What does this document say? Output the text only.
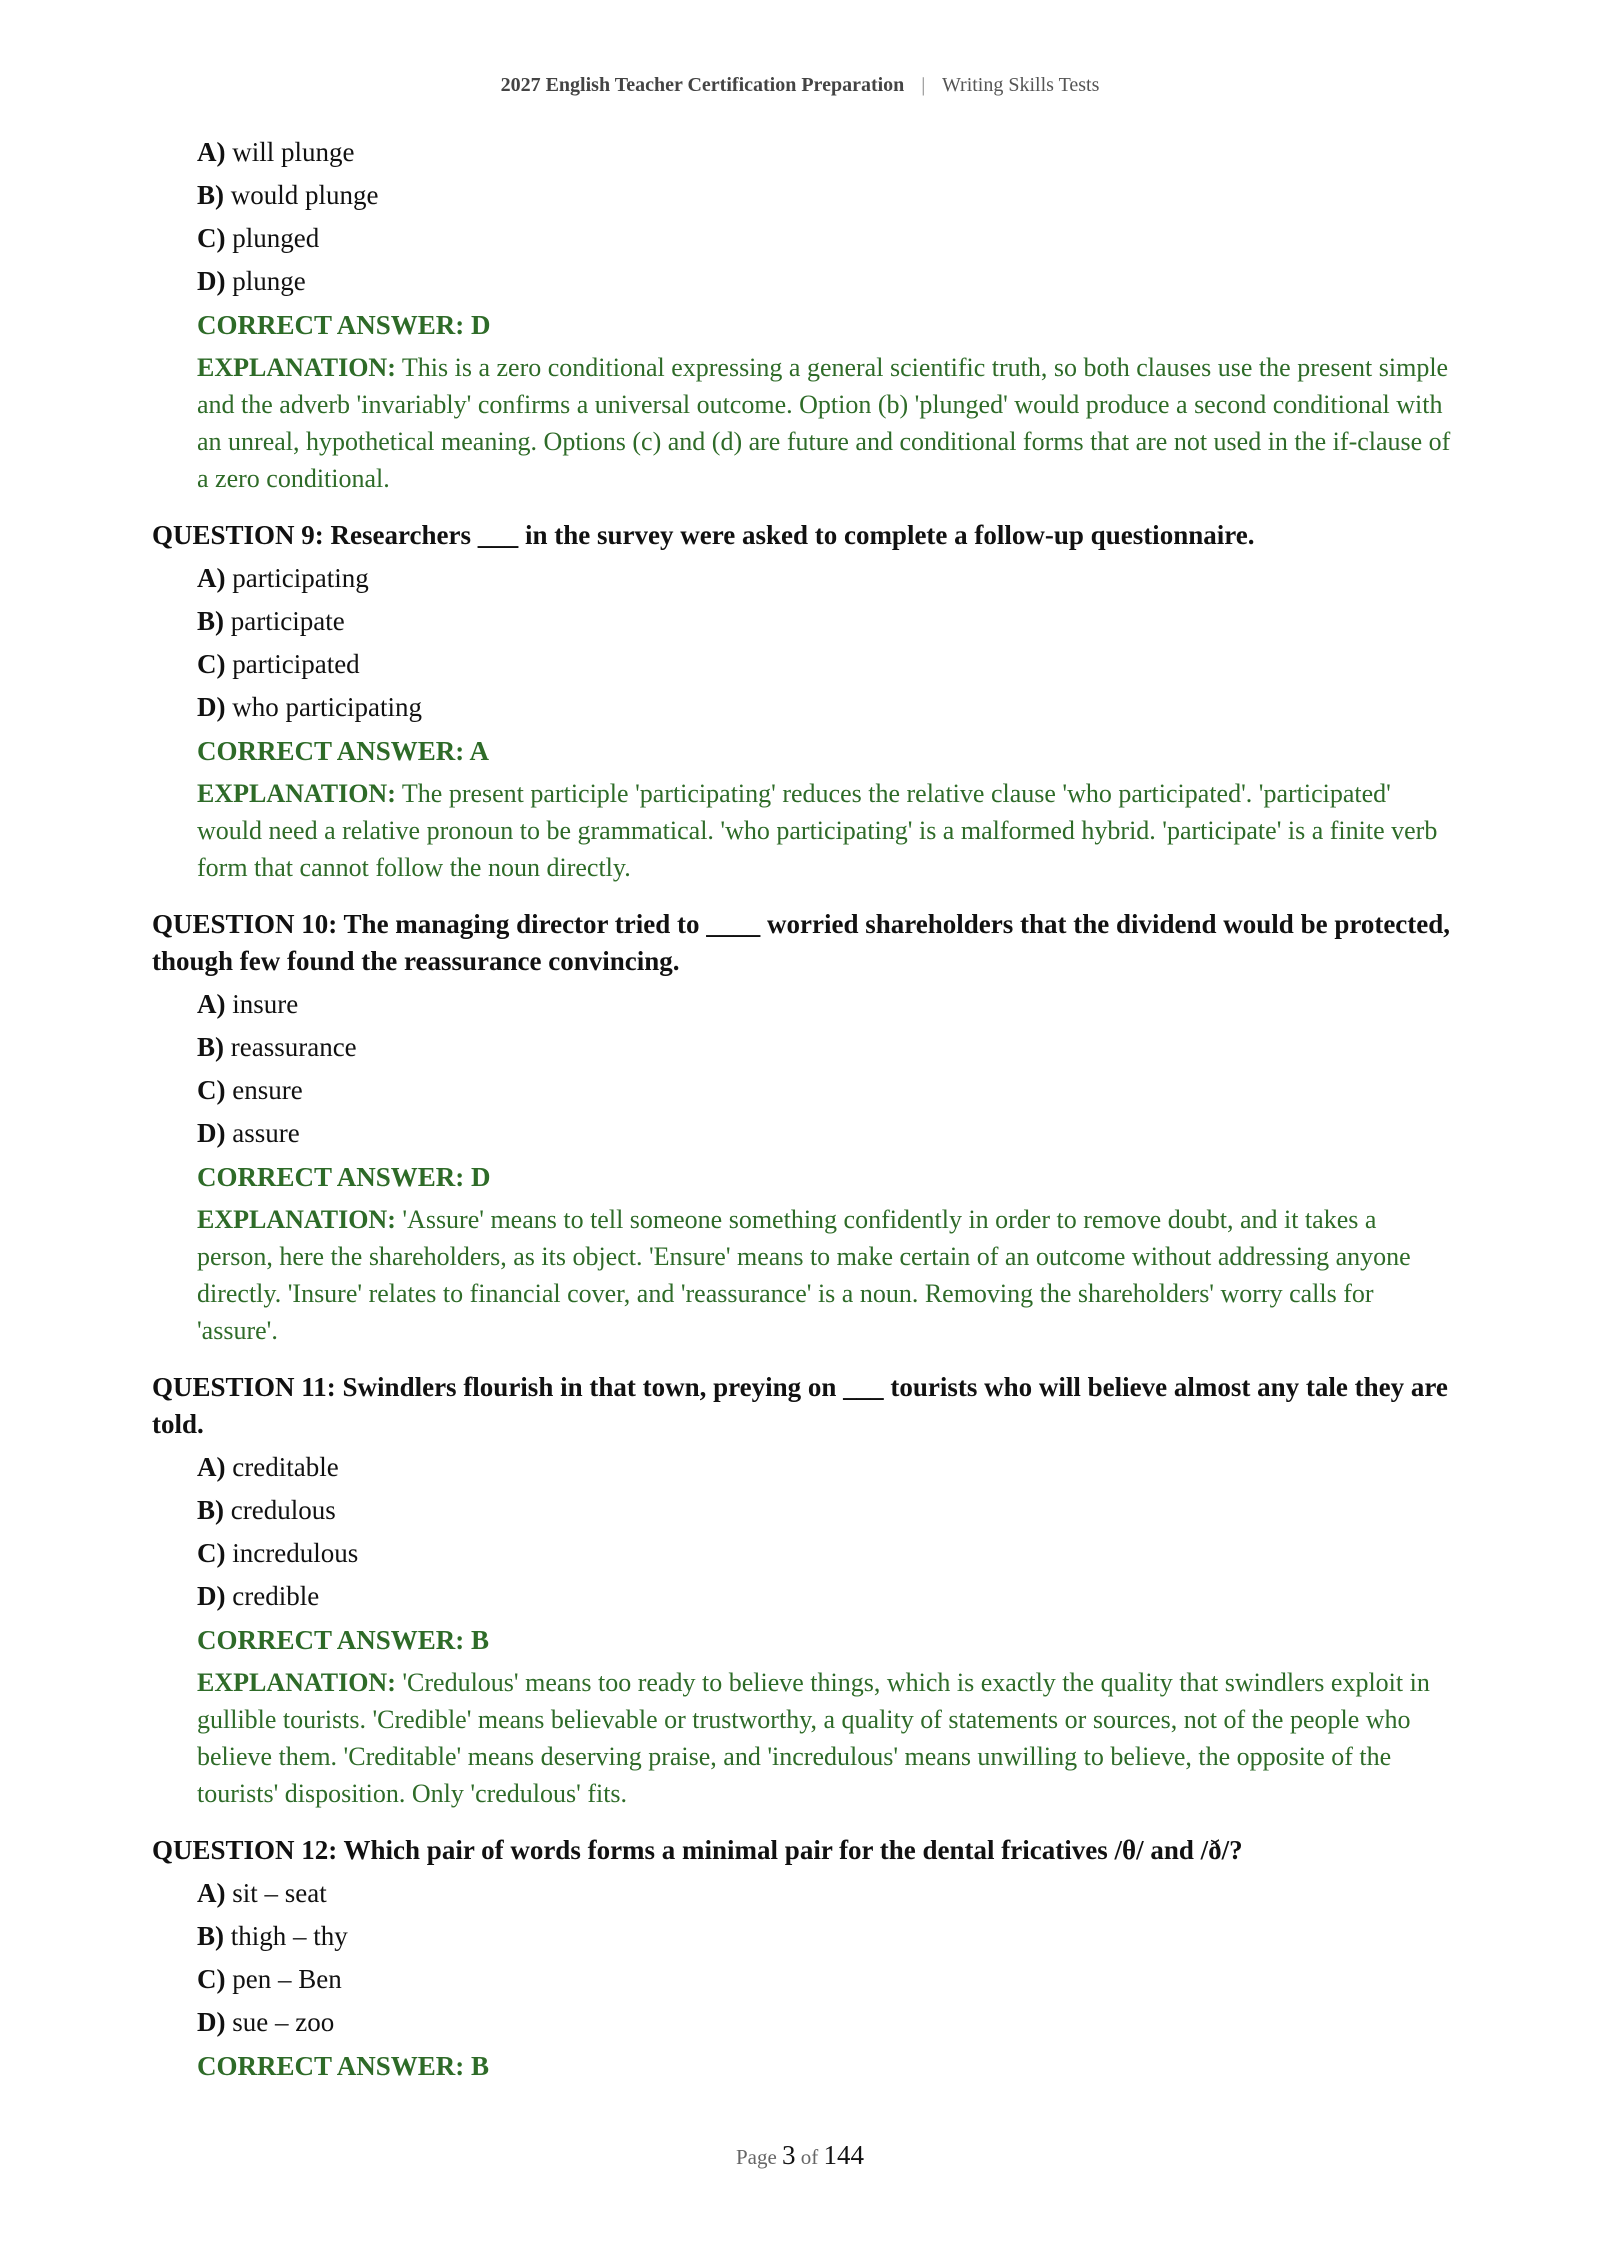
2027 English Teacher Certification Preparation | Writing Skills Tests
A) will plunge
B) would plunge
C) plunged
D) plunge
CORRECT ANSWER: D
EXPLANATION: This is a zero conditional expressing a general scientific truth, so both clauses use the present simple and the adverb 'invariably' confirms a universal outcome. Option (b) 'plunged' would produce a second conditional with an unreal, hypothetical meaning. Options (c) and (d) are future and conditional forms that are not used in the if-clause of a zero conditional.
QUESTION 9: Researchers ___ in the survey were asked to complete a follow-up questionnaire.
A) participating
B) participate
C) participated
D) who participating
CORRECT ANSWER: A
EXPLANATION: The present participle 'participating' reduces the relative clause 'who participated'. 'participated' would need a relative pronoun to be grammatical. 'who participating' is a malformed hybrid. 'participate' is a finite verb form that cannot follow the noun directly.
QUESTION 10: The managing director tried to ____ worried shareholders that the dividend would be protected, though few found the reassurance convincing.
A) insure
B) reassurance
C) ensure
D) assure
CORRECT ANSWER: D
EXPLANATION: 'Assure' means to tell someone something confidently in order to remove doubt, and it takes a person, here the shareholders, as its object. 'Ensure' means to make certain of an outcome without addressing anyone directly. 'Insure' relates to financial cover, and 'reassurance' is a noun. Removing the shareholders' worry calls for 'assure'.
QUESTION 11: Swindlers flourish in that town, preying on ___ tourists who will believe almost any tale they are told.
A) creditable
B) credulous
C) incredulous
D) credible
CORRECT ANSWER: B
EXPLANATION: 'Credulous' means too ready to believe things, which is exactly the quality that swindlers exploit in gullible tourists. 'Credible' means believable or trustworthy, a quality of statements or sources, not of the people who believe them. 'Creditable' means deserving praise, and 'incredulous' means unwilling to believe, the opposite of the tourists' disposition. Only 'credulous' fits.
QUESTION 12: Which pair of words forms a minimal pair for the dental fricatives /θ/ and /ð/?
A) sit – seat
B) thigh – thy
C) pen – Ben
D) sue – zoo
CORRECT ANSWER: B
Page 3 of 144
